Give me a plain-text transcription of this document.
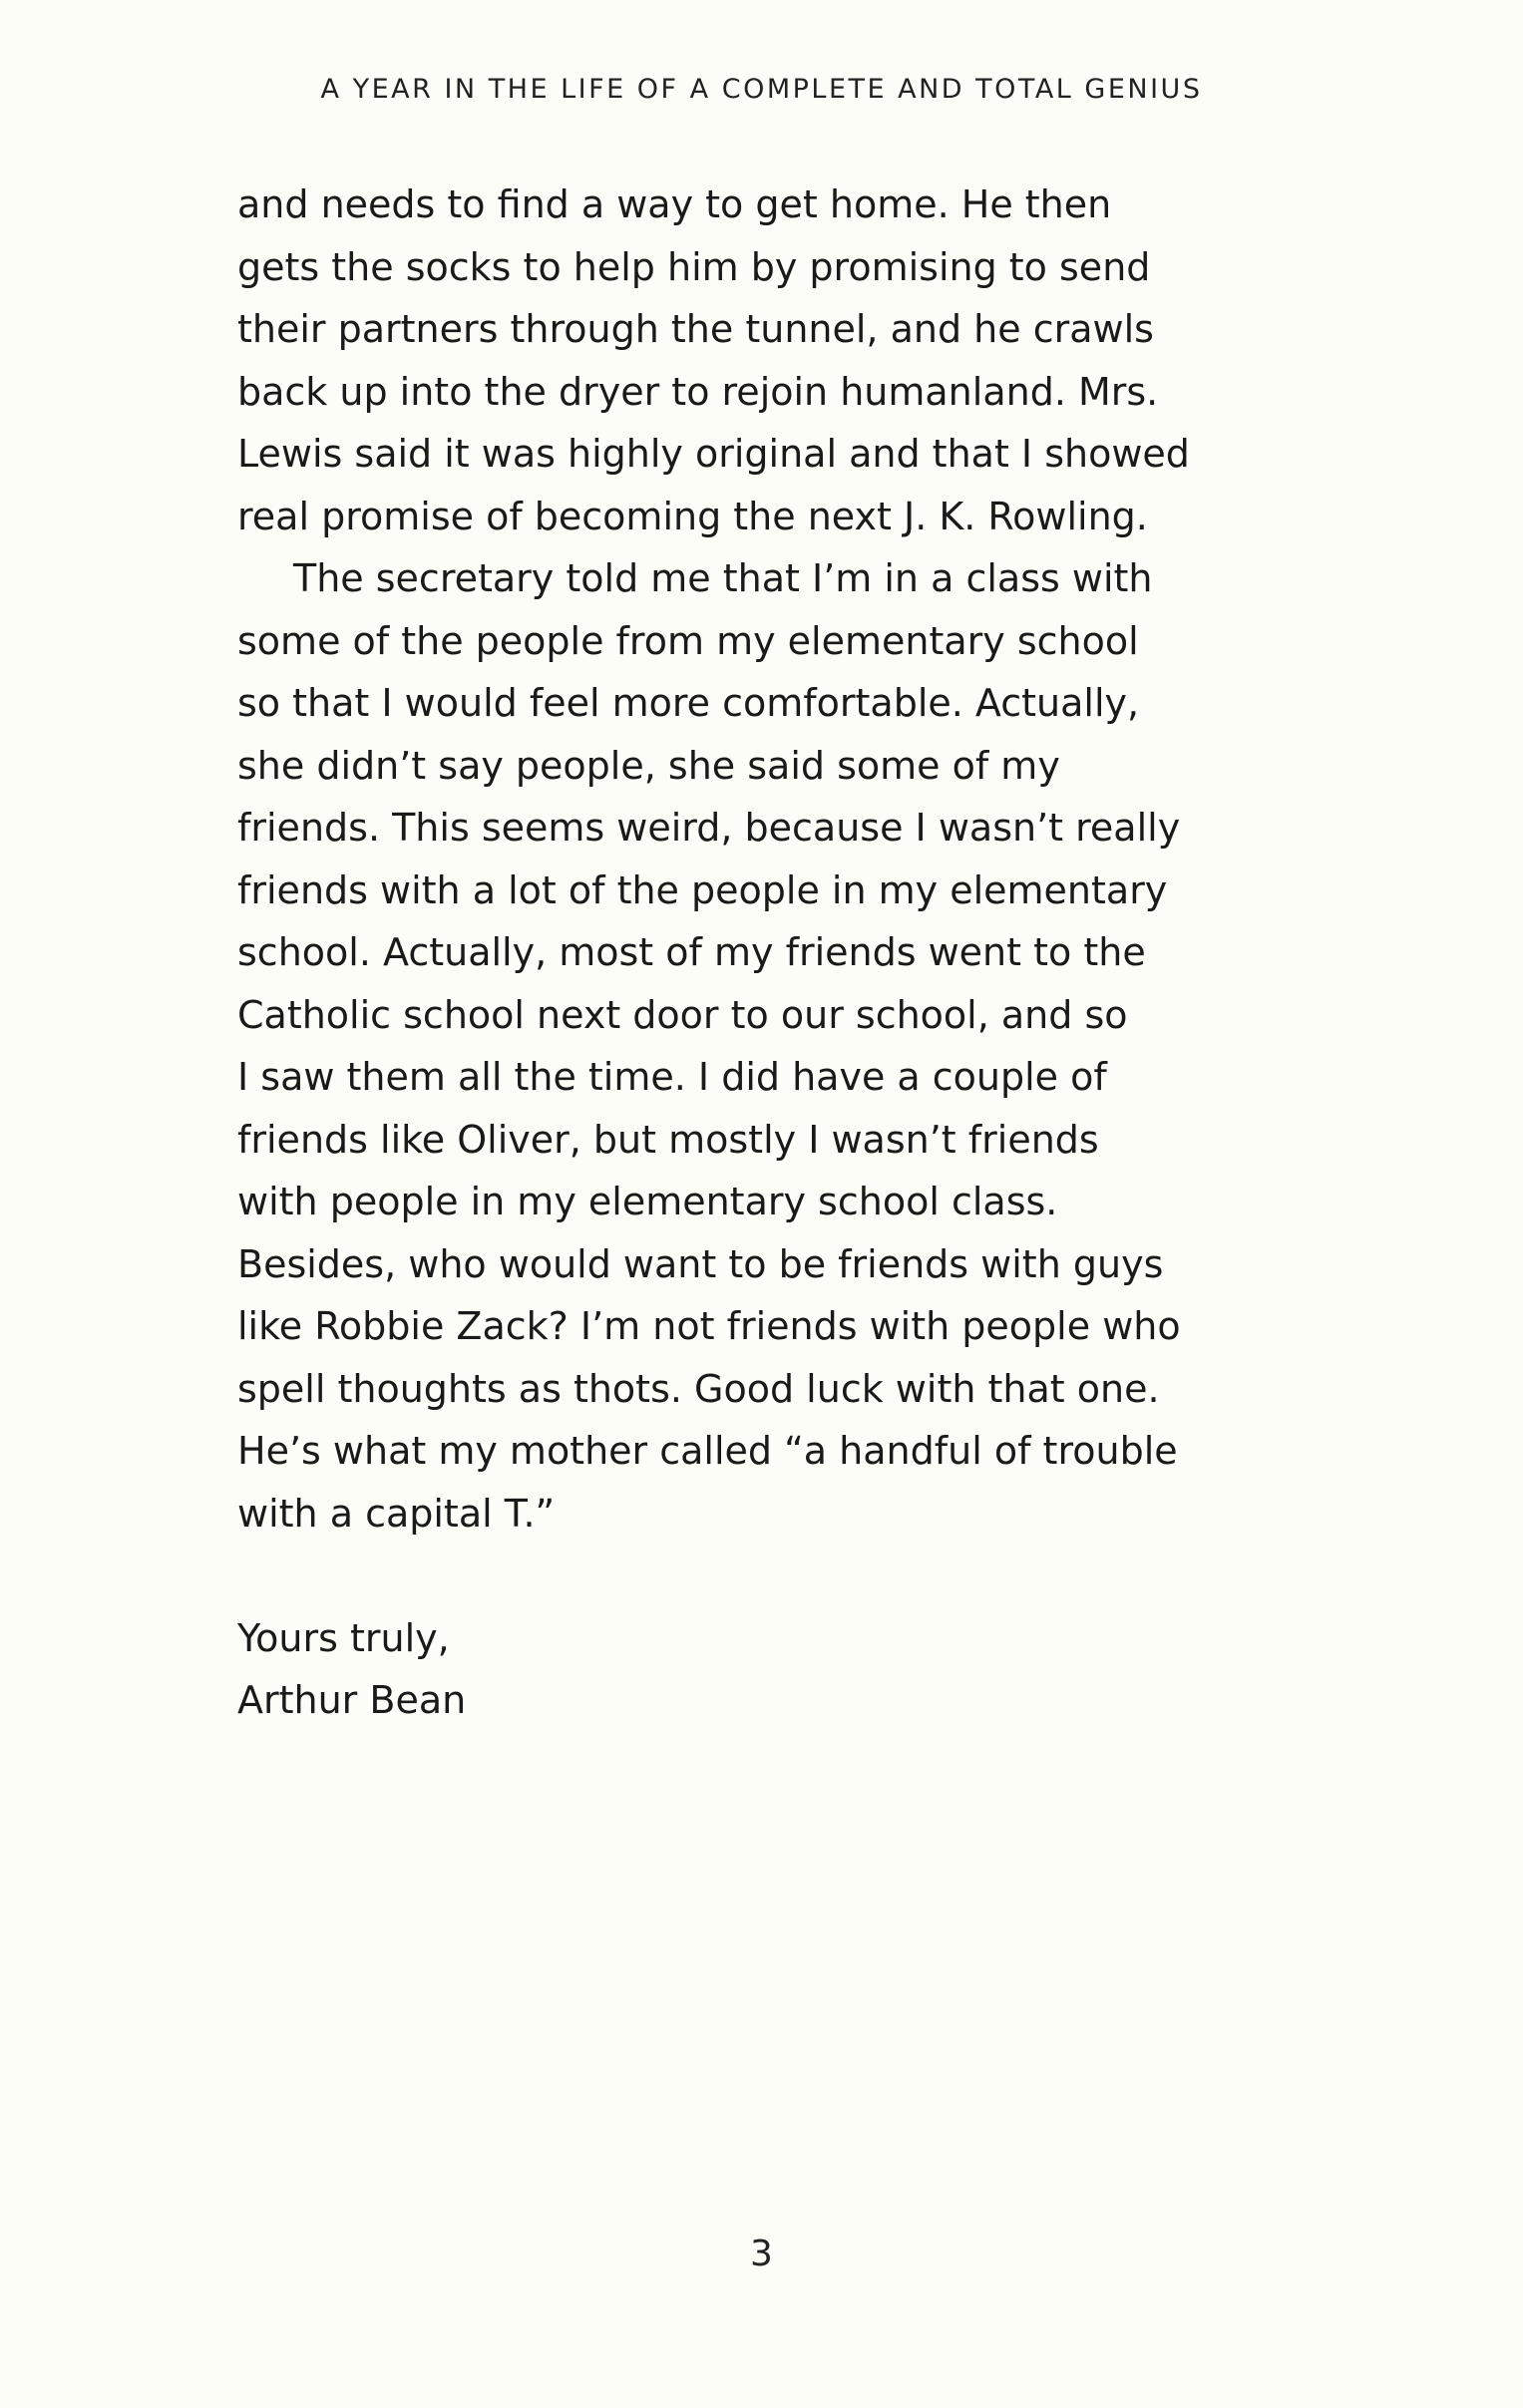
A YEAR IN THE LIFE OF A COMPLETE AND TOTAL GENIUS
and needs to find a way to get home. He then
gets the socks to help him by promising to send
their partners through the tunnel, and he crawls
back up into the dryer to rejoin humanland. Mrs.
Lewis said it was highly original and that I showed
real promise of becoming the next J. K. Rowling.
The secretary told me that I’m in a class with
some of the people from my elementary school
so that I would feel more comfortable. Actually,
she didn’t say people, she said some of my
friends. This seems weird, because I wasn’t really
friends with a lot of the people in my elementary
school. Actually, most of my friends went to the
Catholic school next door to our school, and so
I saw them all the time. I did have a couple of
friends like Oliver, but mostly I wasn’t friends
with people in my elementary school class.
Besides, who would want to be friends with guys
like Robbie Zack? I’m not friends with people who
spell thoughts as thots. Good luck with that one.
He’s what my mother called “a handful of trouble
with a capital T.”
Yours truly,
Arthur Bean
3
